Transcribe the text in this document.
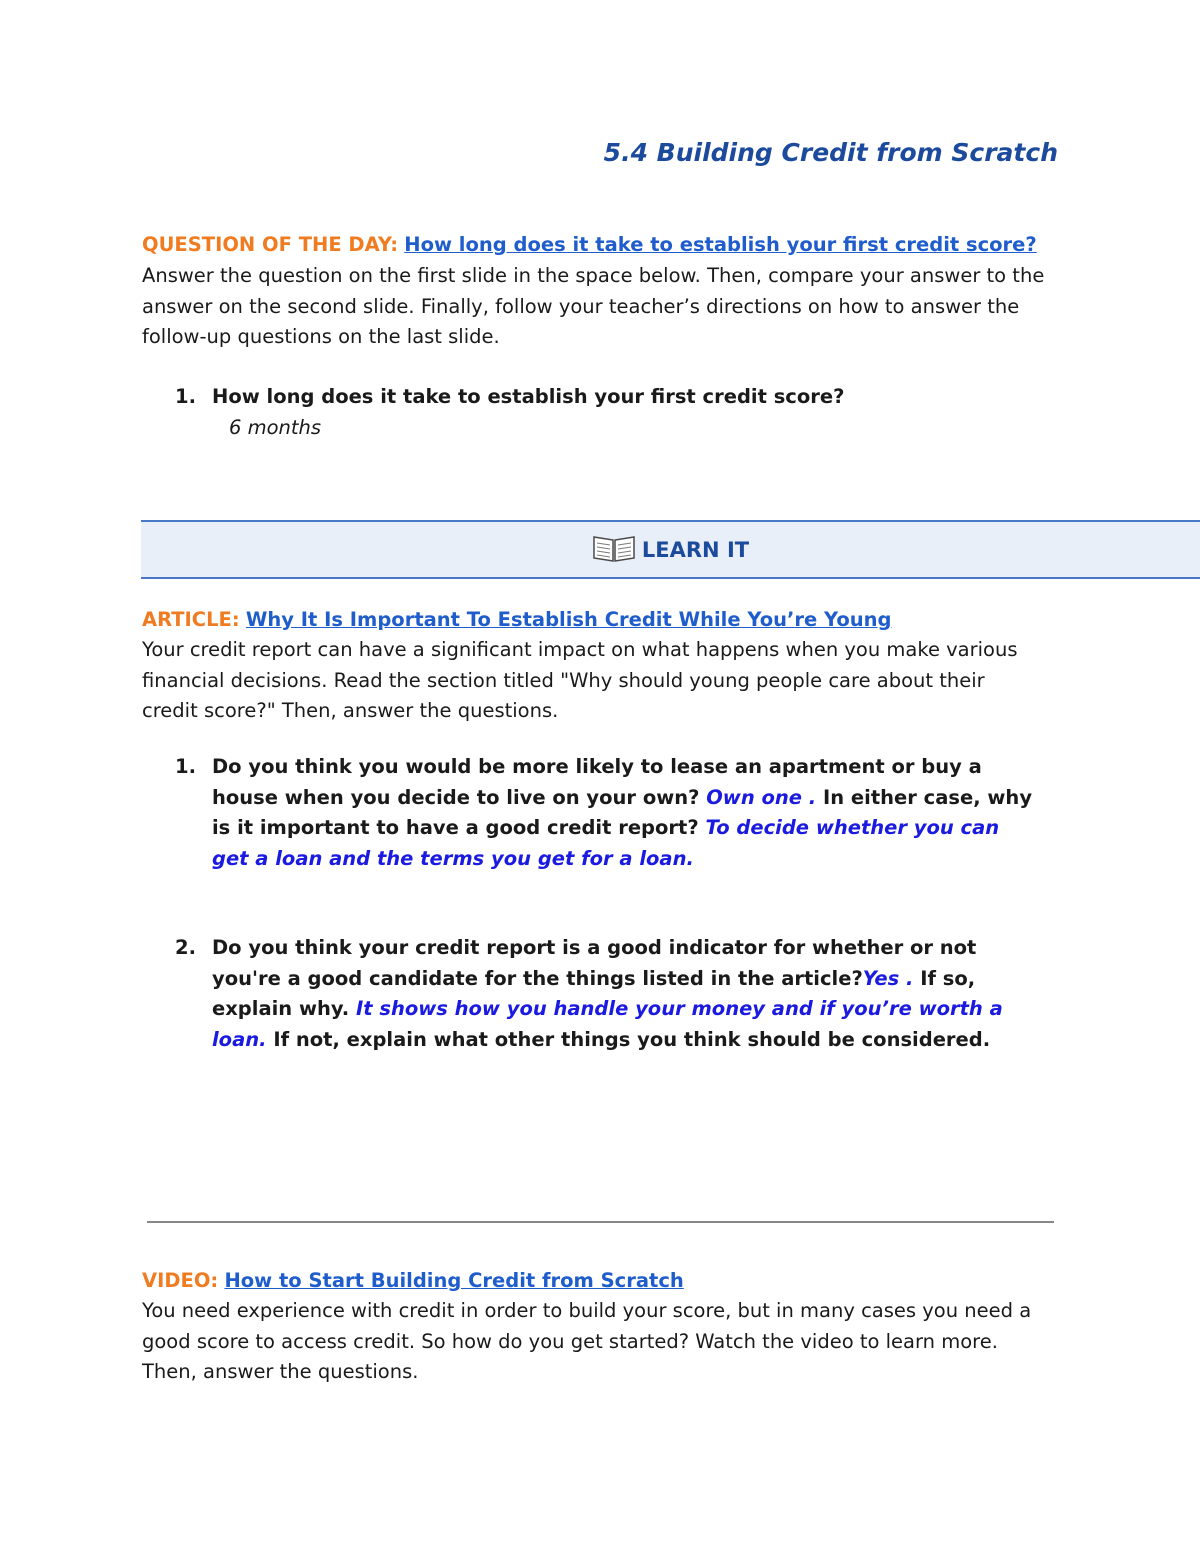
5.4 Building Credit from Scratch
QUESTION OF THE DAY: How long does it take to establish your first credit score?
Answer the question on the first slide in the space below. Then, compare your answer to the answer on the second slide. Finally, follow your teacher’s directions on how to answer the follow-up questions on the last slide.
1. How long does it take to establish your first credit score?
6 months
LEARN IT
ARTICLE: Why It Is Important To Establish Credit While You’re Young
Your credit report can have a significant impact on what happens when you make various financial decisions. Read the section titled "Why should young people care about their credit score?" Then, answer the questions.
1. Do you think you would be more likely to lease an apartment or buy a house when you decide to live on your own? Own one . In either case, why is it important to have a good credit report? To decide whether you can get a loan and the terms you get for a loan.
2. Do you think your credit report is a good indicator for whether or not you're a good candidate for the things listed in the article?Yes . If so, explain why. It shows how you handle your money and if you’re worth a loan. If not, explain what other things you think should be considered.
VIDEO: How to Start Building Credit from Scratch
You need experience with credit in order to build your score, but in many cases you need a good score to access credit. So how do you get started? Watch the video to learn more. Then, answer the questions.
